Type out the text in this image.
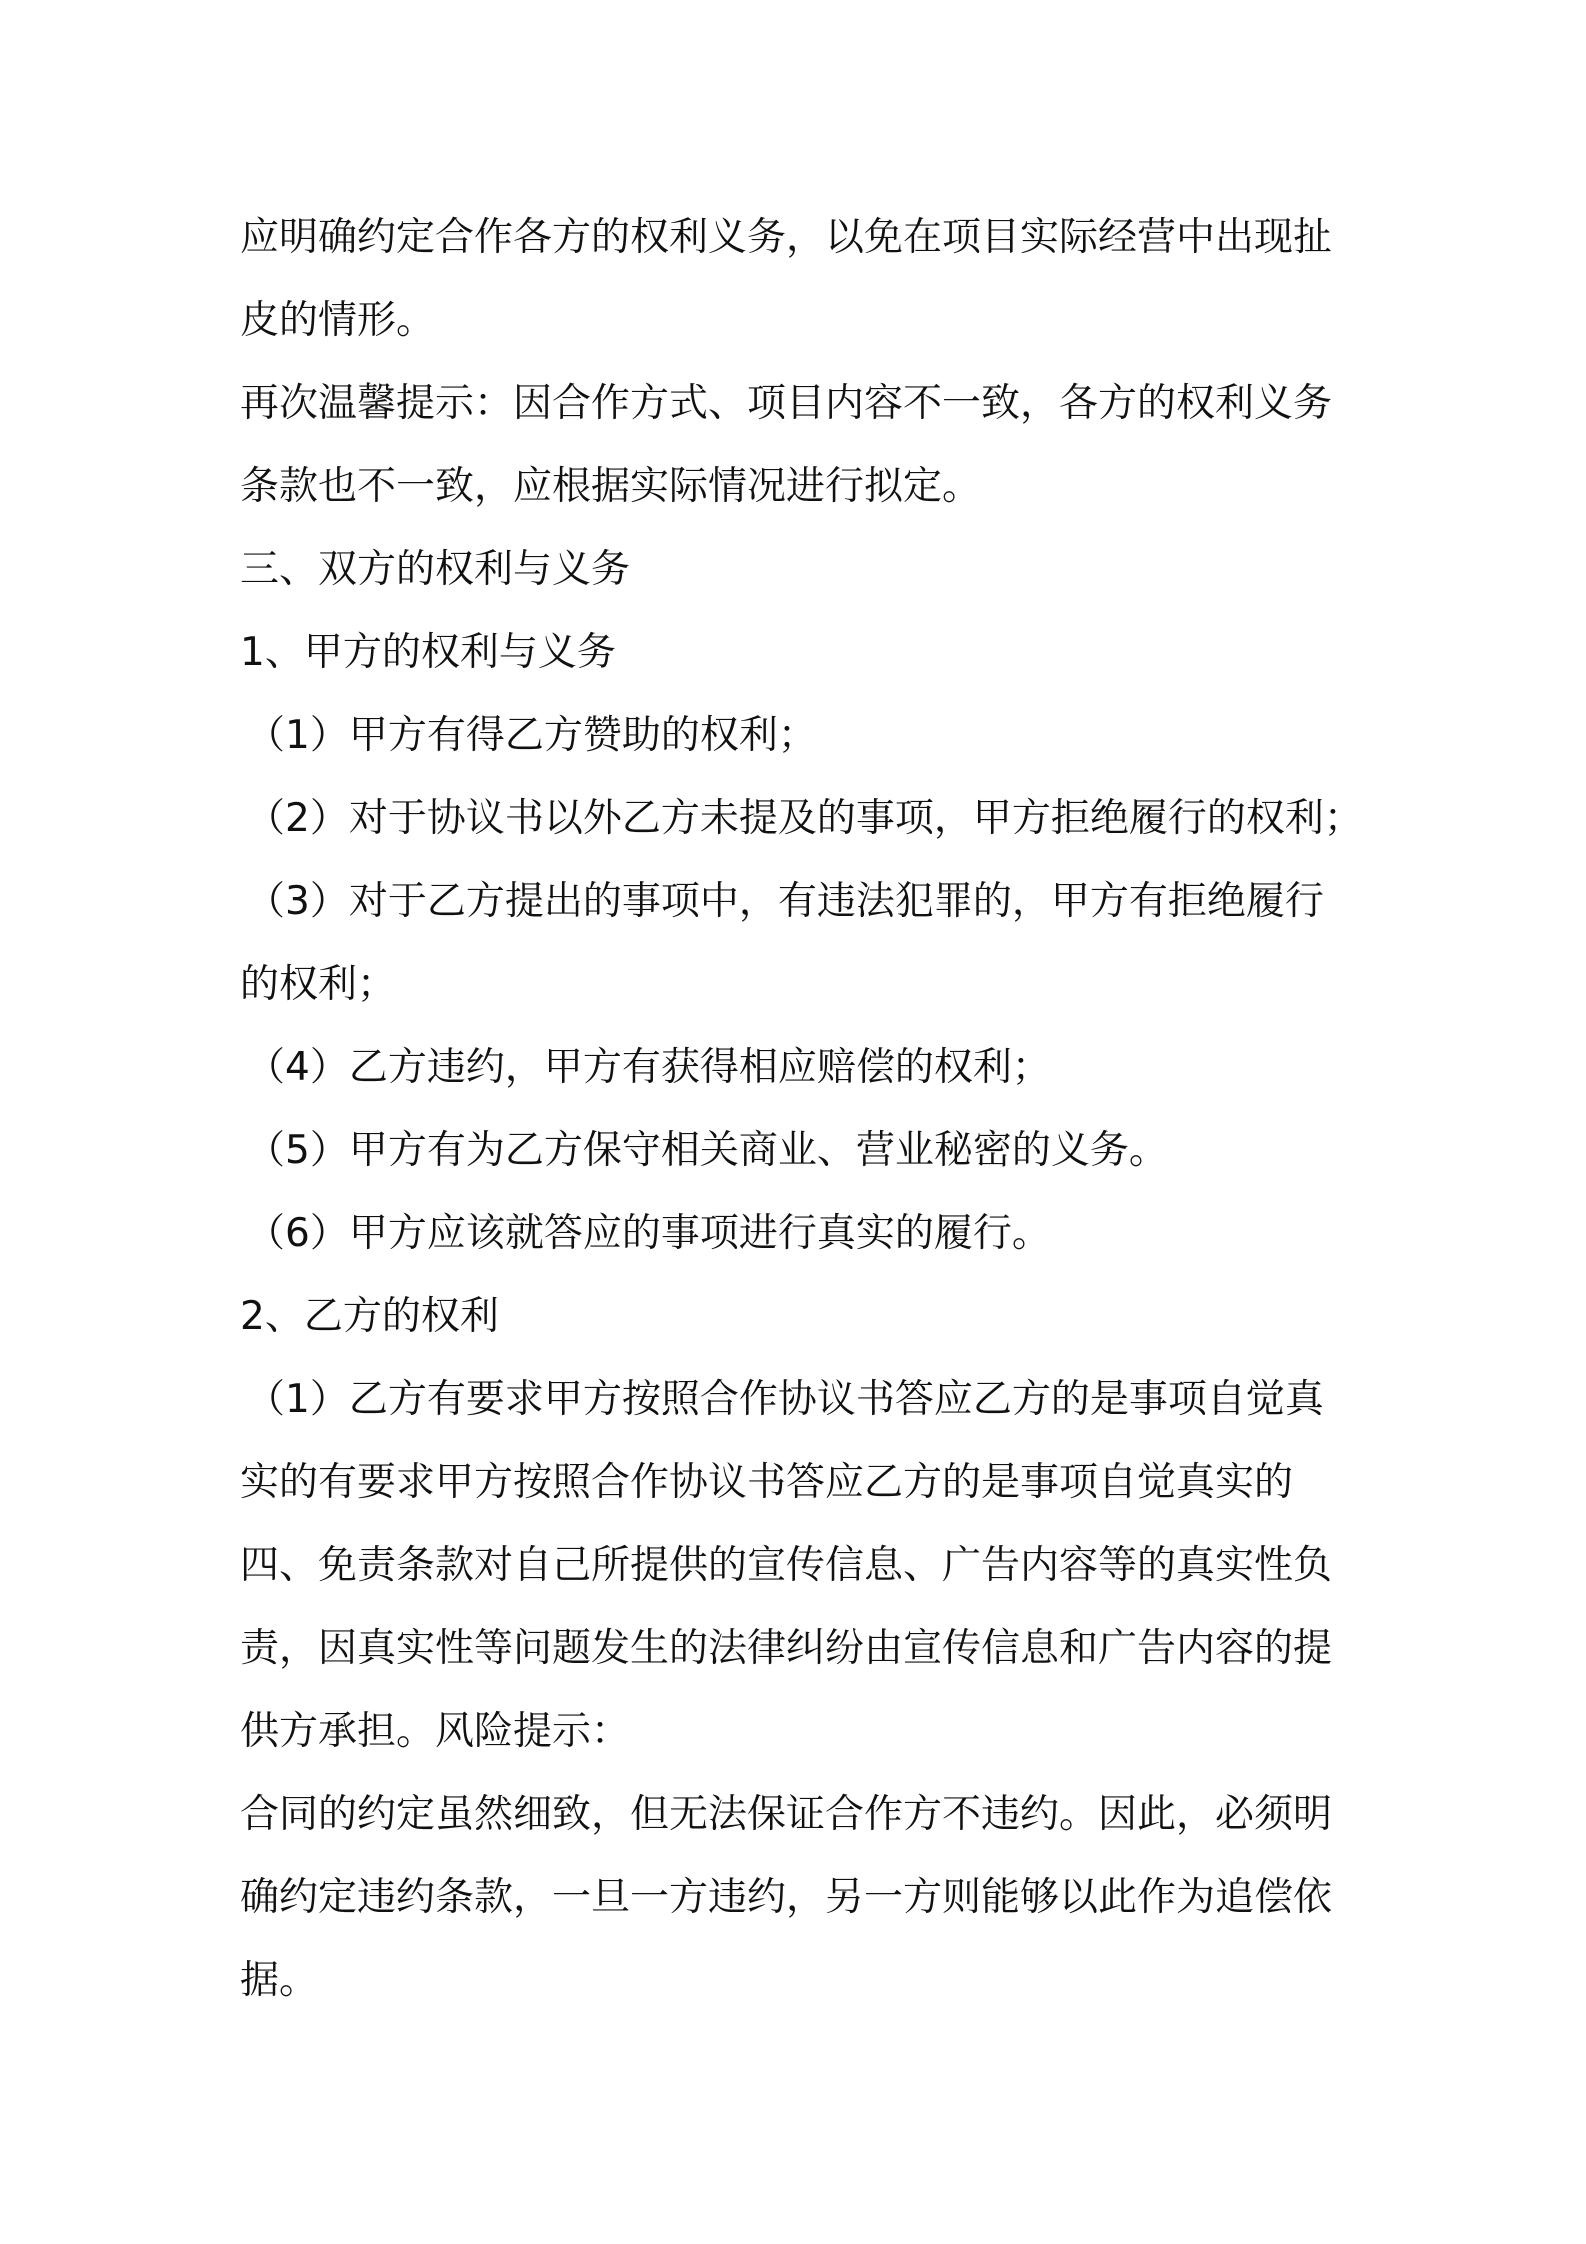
应明确约定合作各方的权利义务，以免在项目实际经营中出现扯
皮的情形。
再次温馨提示：因合作方式、项目内容不一致，各方的权利义务
条款也不一致，应根据实际情况进行拟定。
三、双方的权利与义务
1、甲方的权利与义务
（1）甲方有得乙方赞助的权利；
（2）对于协议书以外乙方未提及的事项，甲方拒绝履行的权利；
（3）对于乙方提出的事项中，有违法犯罪的，甲方有拒绝履行
的权利；
（4）乙方违约，甲方有获得相应赔偿的权利；
（5）甲方有为乙方保守相关商业、营业秘密的义务。
（6）甲方应该就答应的事项进行真实的履行。
2、乙方的权利
（1）乙方有要求甲方按照合作协议书答应乙方的是事项自觉真
实的有要求甲方按照合作协议书答应乙方的是事项自觉真实的
四、免责条款对自己所提供的宣传信息、广告内容等的真实性负
责，因真实性等问题发生的法律纠纷由宣传信息和广告内容的提
供方承担。风险提示：
合同的约定虽然细致，但无法保证合作方不违约。因此，必须明
确约定违约条款，一旦一方违约，另一方则能够以此作为追偿依
据。
